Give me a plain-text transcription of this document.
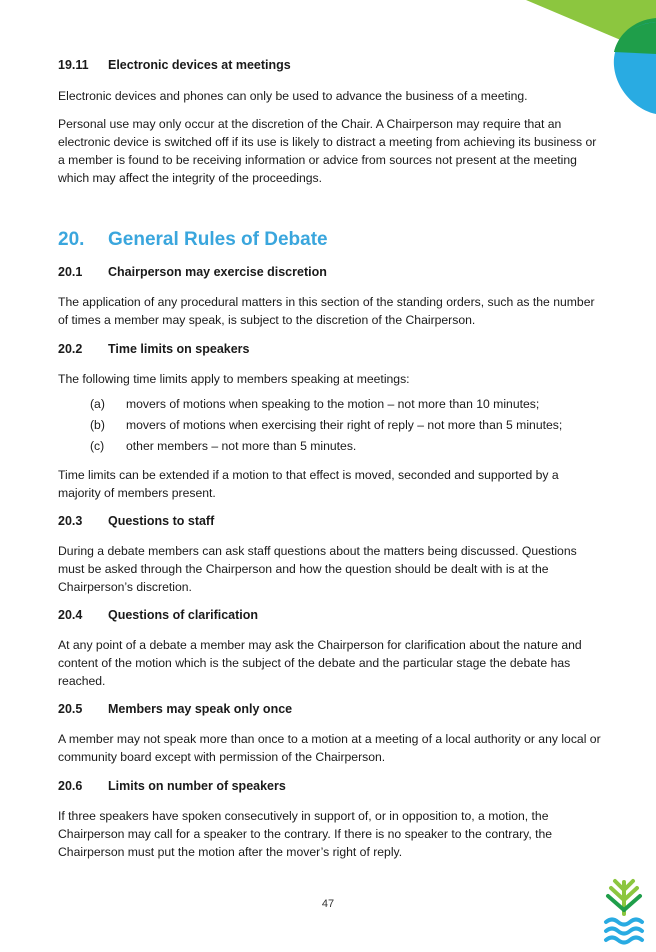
19.11 Electronic devices at meetings

Electronic devices and phones can only be used to advance the business of a meeting.

Personal use may only occur at the discretion of the Chair. A Chairperson may require that an electronic device is switched off if its use is likely to distract a meeting from achieving its business or a member is found to be receiving information or advice from sources not present at the meeting which may affect the integrity of the proceedings.

20. General Rules of Debate
20.1 Chairperson may exercise discretion

The application of any procedural matters in this section of the standing orders, such as the number of times a member may speak, is subject to the discretion of the Chairperson.

20.2 Time limits on speakers

The following time limits apply to members speaking at meetings:

(a) movers of motions when speaking to the motion – not more than 10 minutes;
(b) movers of motions when exercising their right of reply – not more than 5 minutes;
(c) other members – not more than 5 minutes.

Time limits can be extended if a motion to that effect is moved, seconded and supported by a majority of members present.

20.3 Questions to staff

During a debate members can ask staff questions about the matters being discussed. Questions must be asked through the Chairperson and how the question should be dealt with is at the Chairperson’s discretion.

20.4 Questions of clarification

At any point of a debate a member may ask the Chairperson for clarification about the nature and content of the motion which is the subject of the debate and the particular stage the debate has reached.

20.5 Members may speak only once

A member may not speak more than once to a motion at a meeting of a local authority or any local or community board except with permission of the Chairperson.

20.6 Limits on number of speakers

If three speakers have spoken consecutively in support of, or in opposition to, a motion, the Chairperson may call for a speaker to the contrary. If there is no speaker to the contrary, the Chairperson must put the motion after the mover’s right of reply.

47
